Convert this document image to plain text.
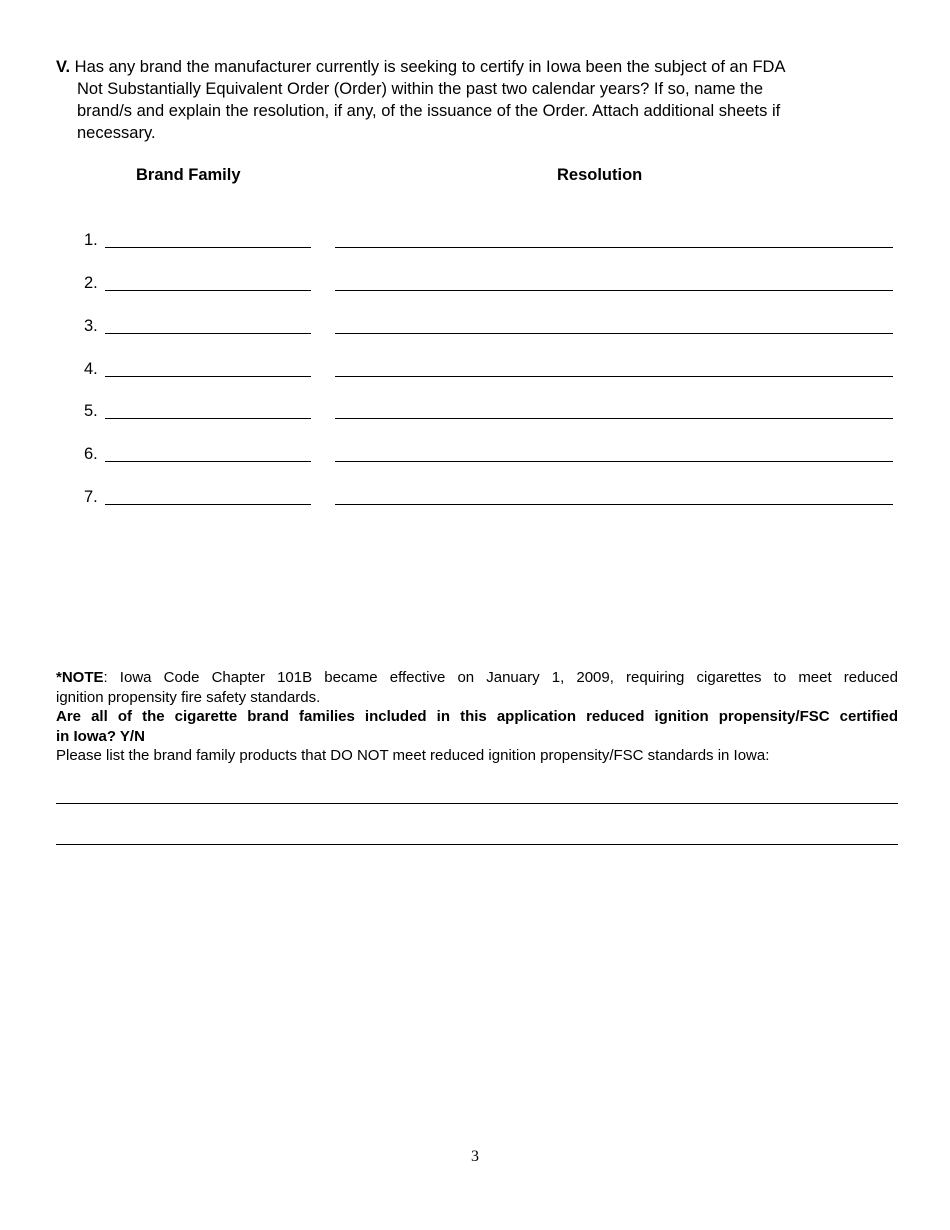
V. Has any brand the manufacturer currently is seeking to certify in Iowa been the subject of an FDA
Not Substantially Equivalent Order (Order) within the past two calendar years? If so, name the
brand/s and explain the resolution, if any, of the issuance of the Order. Attach additional sheets if
necessary.
Brand Family	Resolution
1.
2.
3.
4.
5.
6.
7.
*NOTE: Iowa Code Chapter 101B became effective on January 1, 2009, requiring cigarettes to meet reduced
ignition propensity fire safety standards.
Are all of the cigarette brand families included in this application reduced ignition propensity/FSC certified
in Iowa? Y/N
Please list the brand family products that DO NOT meet reduced ignition propensity/FSC standards in Iowa:
3
